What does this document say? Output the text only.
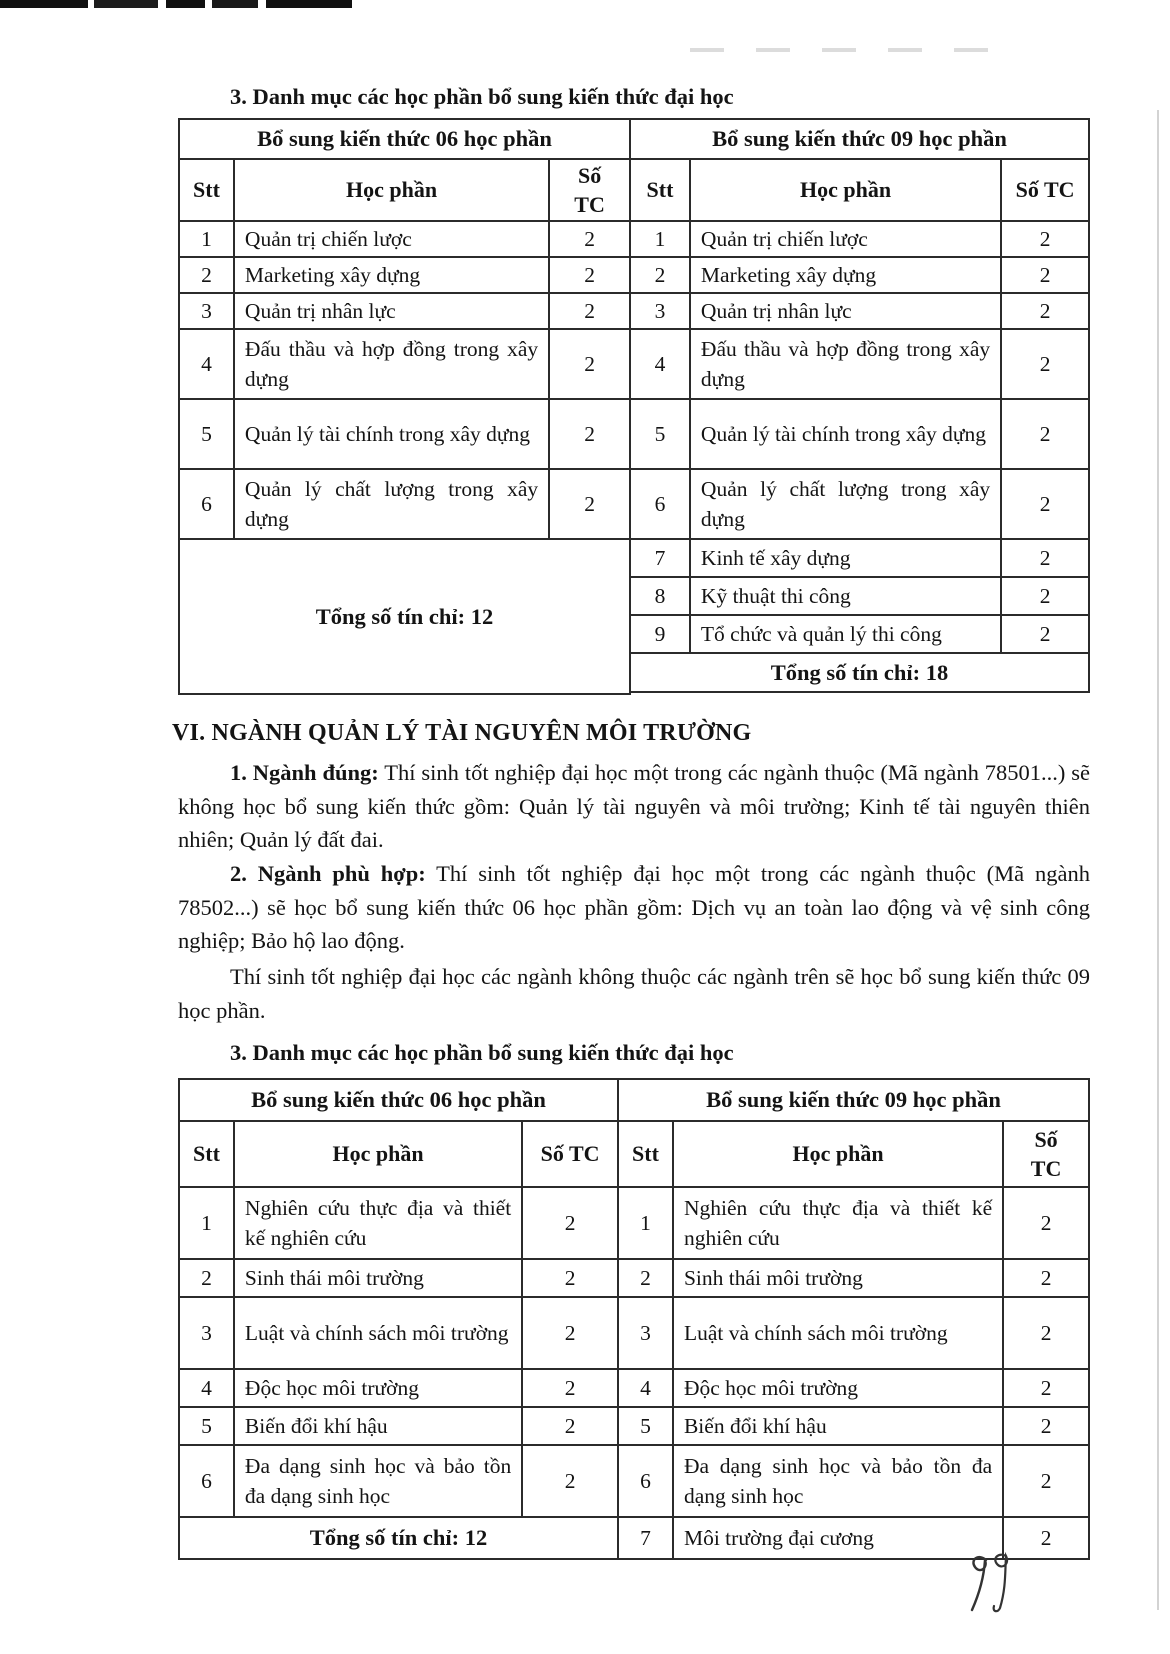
3. Danh mục các học phần bổ sung kiến thức đại học
Bổ sung kiến thức 06 học phần		
Stt	Học phần	Số TC
1	Quản trị chiến lược	2
2	Marketing xây dựng	2
3	Quản trị nhân lực	2
4	Đấu thầu và hợp đồng trong xây dựng	2
5	Quản lý tài chính trong xây dựng	2
6	Quản lý chất lượng trong xây dựng	2
Tổng số tín chỉ: 12		
Bổ sung kiến thức 09 học phần		
Stt	Học phần	Số TC
1	Quản trị chiến lược	2
2	Marketing xây dựng	2
3	Quản trị nhân lực	2
4	Đấu thầu và hợp đồng trong xây dựng	2
5	Quản lý tài chính trong xây dựng	2
6	Quản lý chất lượng trong xây dựng	2
7	Kinh tế xây dựng	2
8	Kỹ thuật thi công	2
9	Tổ chức và quản lý thi công	2
Tổng số tín chỉ: 18		
VI. NGÀNH QUẢN LÝ TÀI NGUYÊN MÔI TRƯỜNG

1. Ngành đúng: Thí sinh tốt nghiệp đại học một trong các ngành thuộc (Mã ngành 78501...) sẽ không học bổ sung kiến thức gồm: Quản lý tài nguyên và môi trường; Kinh tế tài nguyên thiên nhiên; Quản lý đất đai.

2. Ngành phù hợp: Thí sinh tốt nghiệp đại học một trong các ngành thuộc (Mã ngành 78502...) sẽ học bổ sung kiến thức 06 học phần gồm: Dịch vụ an toàn lao động và vệ sinh công nghiệp; Bảo hộ lao động.

Thí sinh tốt nghiệp đại học các ngành không thuộc các ngành trên sẽ học bổ sung kiến thức 09 học phần.

3. Danh mục các học phần bổ sung kiến thức đại học
Bổ sung kiến thức 06 học phần		
Stt	Học phần	Số TC
1	Nghiên cứu thực địa và thiết kế nghiên cứu	2
2	Sinh thái môi trường	2
3	Luật và chính sách môi trường	2
4	Độc học môi trường	2
5	Biến đổi khí hậu	2
6	Đa dạng sinh học và bảo tồn đa dạng sinh học	2
Tổng số tín chỉ: 12		
Bổ sung kiến thức 09 học phần		
Stt	Học phần	Số TC
1	Nghiên cứu thực địa và thiết kế nghiên cứu	2
2	Sinh thái môi trường	2
3	Luật và chính sách môi trường	2
4	Độc học môi trường	2
5	Biến đổi khí hậu	2
6	Đa dạng sinh học và bảo tồn đa dạng sinh học	2
7	Môi trường đại cương	2
